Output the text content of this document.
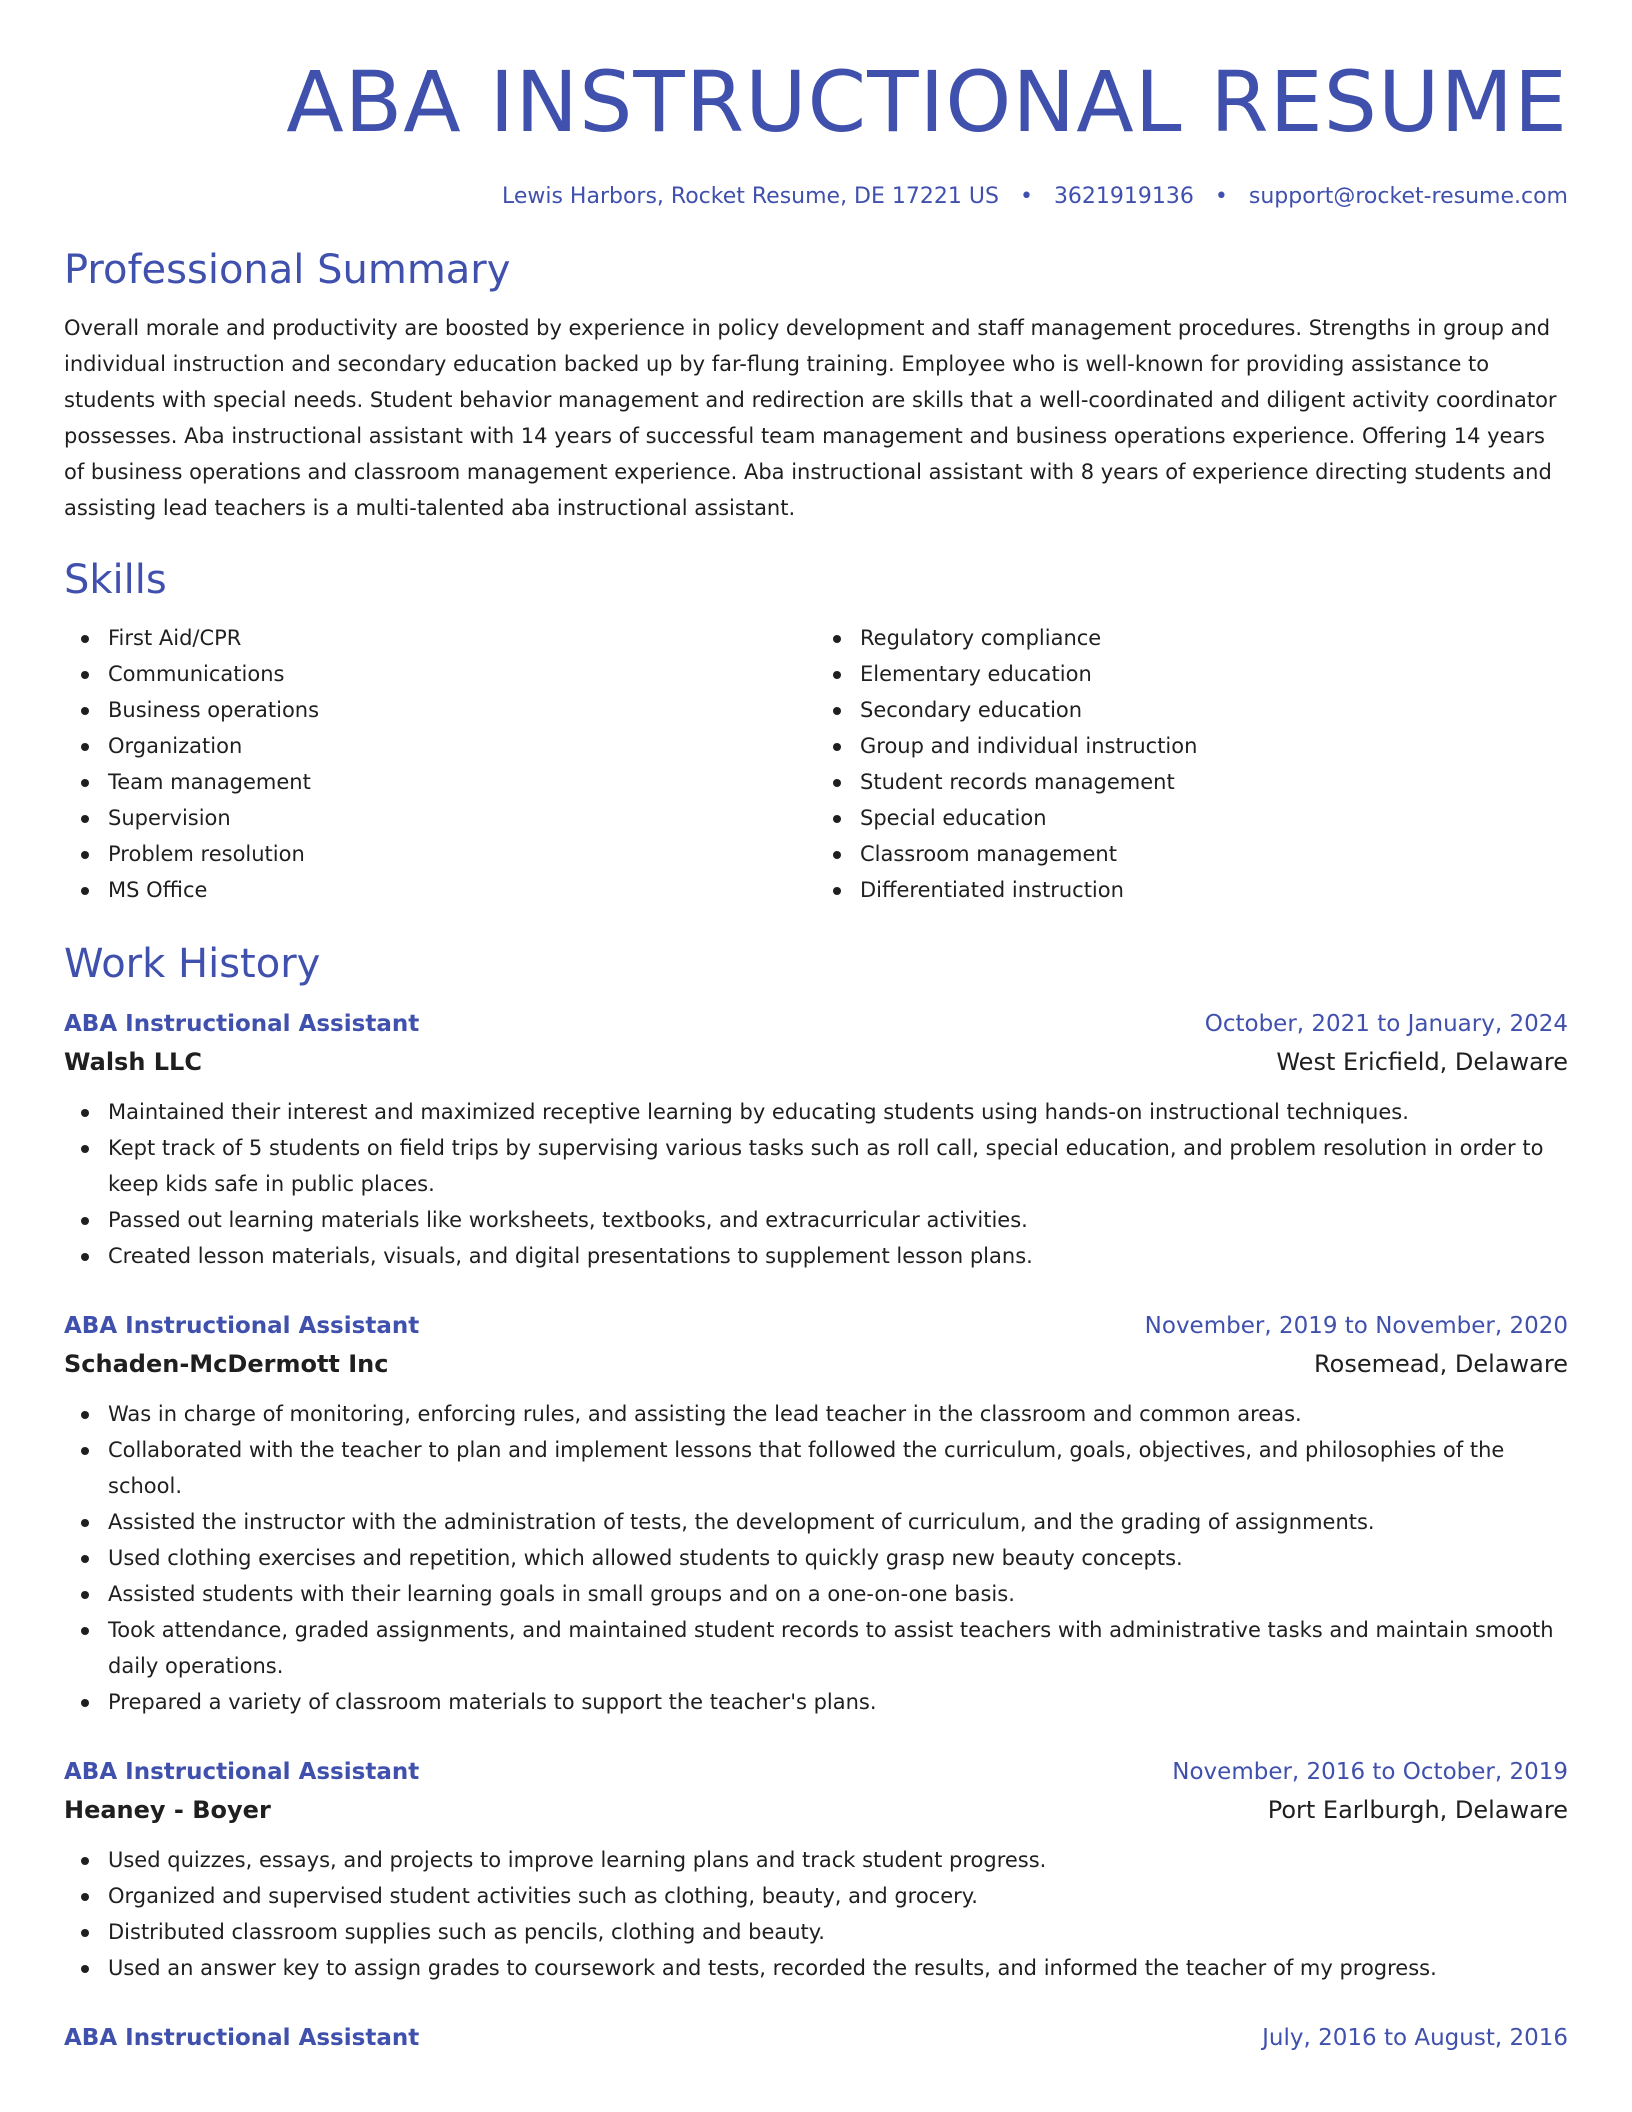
ABA INSTRUCTIONAL RESUME
Lewis Harbors, Rocket Resume, DE 17221 US • 3621919136 • support@rocket-resume.com
Professional Summary

Overall morale and productivity are boosted by experience in policy development and staff management procedures. Strengths in group and individual instruction and secondary education backed up by far-flung training. Employee who is well-known for providing assistance to students with special needs. Student behavior management and redirection are skills that a well-coordinated and diligent activity coordinator possesses. Aba instructional assistant with 14 years of successful team management and business operations experience. Offering 14 years of business operations and classroom management experience. Aba instructional assistant with 8 years of experience directing students and assisting lead teachers is a multi-talented aba instructional assistant.

Skills
First Aid/CPR
Communications
Business operations
Organization
Team management
Supervision
Problem resolution
MS Office
Regulatory compliance
Elementary education
Secondary education
Group and individual instruction
Student records management
Special education
Classroom management
Differentiated instruction
Work History
ABA Instructional Assistant	October, 2021 to January, 2024
Walsh LLC	West Ericfield, Delaware
Maintained their interest and maximized receptive learning by educating students using hands-on instructional techniques.
Kept track of 5 students on field trips by supervising various tasks such as roll call, special education, and problem resolution in order to keep kids safe in public places.
Passed out learning materials like worksheets, textbooks, and extracurricular activities.
Created lesson materials, visuals, and digital presentations to supplement lesson plans.
ABA Instructional Assistant	November, 2019 to November, 2020
Schaden-McDermott Inc	Rosemead, Delaware
Was in charge of monitoring, enforcing rules, and assisting the lead teacher in the classroom and common areas.
Collaborated with the teacher to plan and implement lessons that followed the curriculum, goals, objectives, and philosophies of the school.
Assisted the instructor with the administration of tests, the development of curriculum, and the grading of assignments.
Used clothing exercises and repetition, which allowed students to quickly grasp new beauty concepts.
Assisted students with their learning goals in small groups and on a one-on-one basis.
Took attendance, graded assignments, and maintained student records to assist teachers with administrative tasks and maintain smooth daily operations.
Prepared a variety of classroom materials to support the teacher's plans.
ABA Instructional Assistant	November, 2016 to October, 2019
Heaney - Boyer	Port Earlburgh, Delaware
Used quizzes, essays, and projects to improve learning plans and track student progress.
Organized and supervised student activities such as clothing, beauty, and grocery.
Distributed classroom supplies such as pencils, clothing and beauty.
Used an answer key to assign grades to coursework and tests, recorded the results, and informed the teacher of my progress.
ABA Instructional Assistant	July, 2016 to August, 2016
